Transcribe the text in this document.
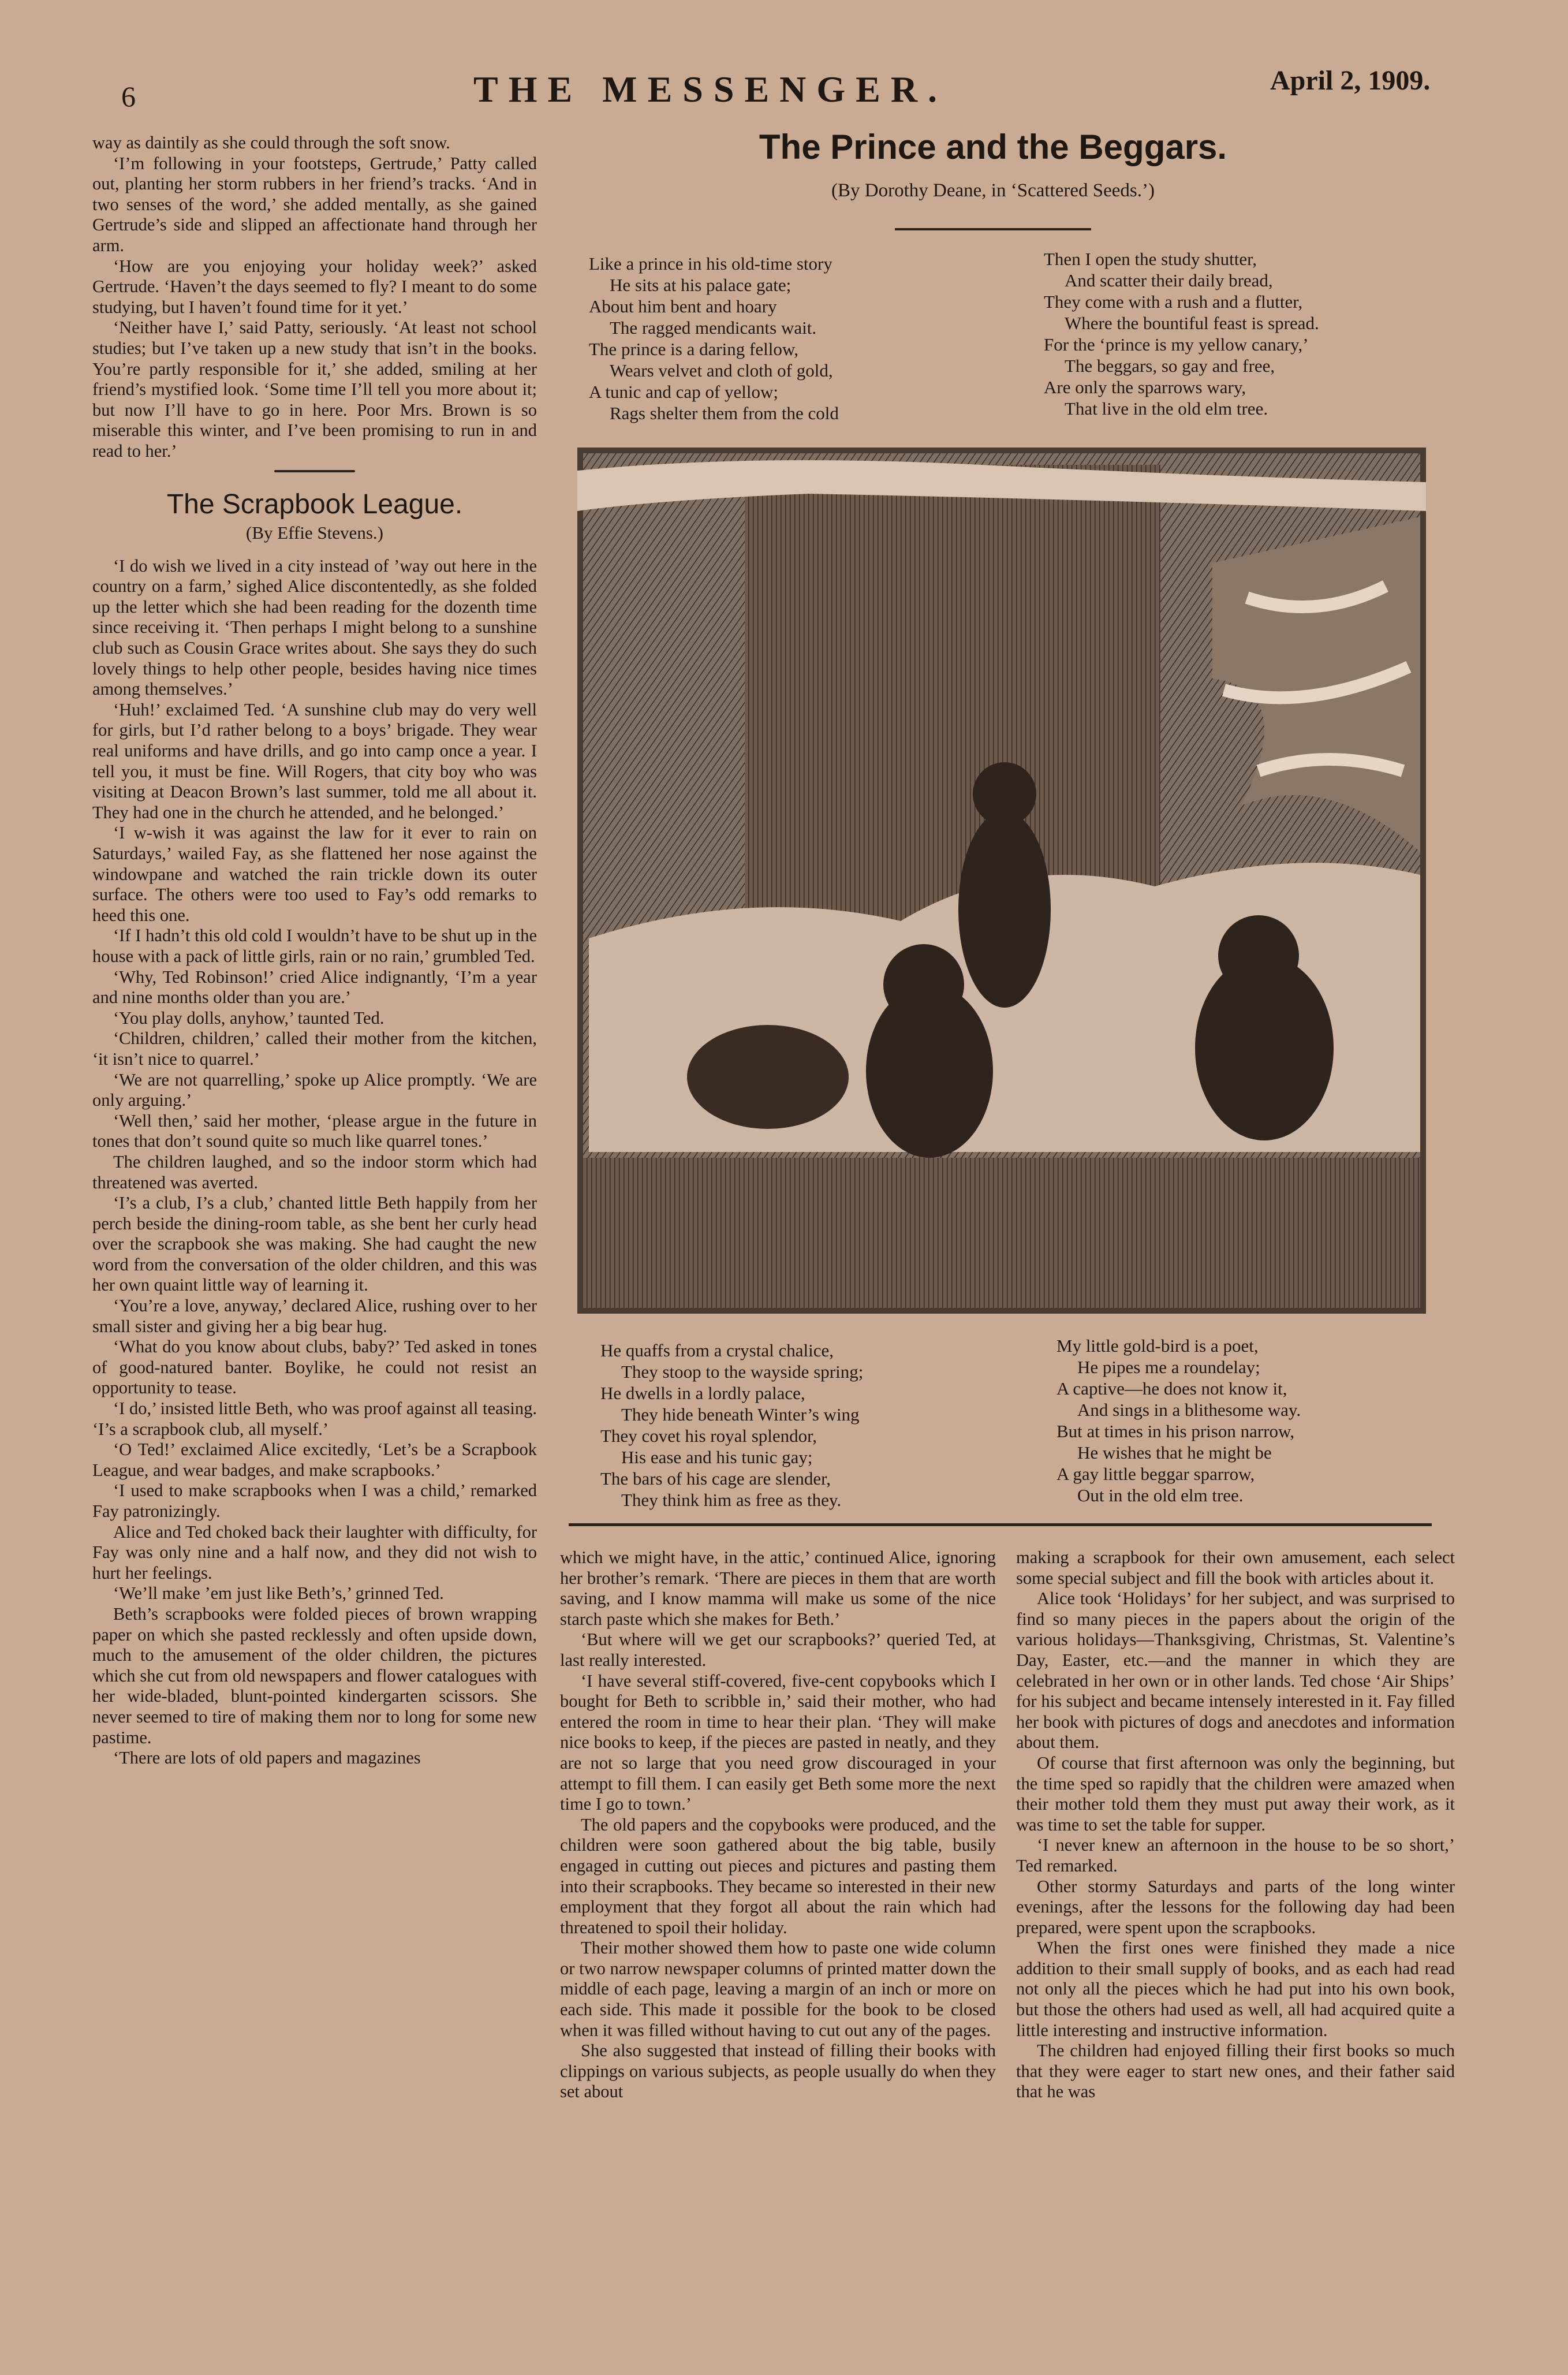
6	THE MESSENGER.	April 2, 1909.

way as daintily as she could through the soft snow.

‘I’m following in your footsteps, Gertrude,’ Patty called out, planting her storm rubbers in her friend’s tracks. ‘And in two senses of the word,’ she added mentally, as she gained Gertrude’s side and slipped an affectionate hand through her arm.

‘How are you enjoying your holiday week?’ asked Gertrude. ‘Haven’t the days seemed to fly? I meant to do some studying, but I haven’t found time for it yet.’

‘Neither have I,’ said Patty, seriously. ‘At least not school studies; but I’ve taken up a new study that isn’t in the books. You’re partly responsible for it,’ she added, smiling at her friend’s mystified look. ‘Some time I’ll tell you more about it; but now I’ll have to go in here. Poor Mrs. Brown is so miserable this winter, and I’ve been promising to run in and read to her.’

The Scrapbook League.
(By Effie Stevens.)

‘I do wish we lived in a city instead of ’way out here in the country on a farm,’ sighed Alice discontentedly, as she folded up the letter which she had been reading for the dozenth time since receiving it. ‘Then perhaps I might belong to a sunshine club such as Cousin Grace writes about. She says they do such lovely things to help other people, besides having nice times among themselves.’

‘Huh!’ exclaimed Ted. ‘A sunshine club may do very well for girls, but I’d rather belong to a boys’ brigade. They wear real uniforms and have drills, and go into camp once a year. I tell you, it must be fine. Will Rogers, that city boy who was visiting at Deacon Brown’s last summer, told me all about it. They had one in the church he attended, and he belonged.’

‘I w-wish it was against the law for it ever to rain on Saturdays,’ wailed Fay, as she flattened her nose against the windowpane and watched the rain trickle down its outer surface. The others were too used to Fay’s odd remarks to heed this one.

‘If I hadn’t this old cold I wouldn’t have to be shut up in the house with a pack of little girls, rain or no rain,’ grumbled Ted.

‘Why, Ted Robinson!’ cried Alice indignantly, ‘I’m a year and nine months older than you are.’

‘You play dolls, anyhow,’ taunted Ted.

‘Children, children,’ called their mother from the kitchen, ‘it isn’t nice to quarrel.’

‘We are not quarrelling,’ spoke up Alice promptly. ‘We are only arguing.’

‘Well then,’ said her mother, ‘please argue in the future in tones that don’t sound quite so much like quarrel tones.’

The children laughed, and so the indoor storm which had threatened was averted.

‘I’s a club, I’s a club,’ chanted little Beth happily from her perch beside the dining-room table, as she bent her curly head over the scrapbook she was making. She had caught the new word from the conversation of the older children, and this was her own quaint little way of learning it.

‘You’re a love, anyway,’ declared Alice, rushing over to her small sister and giving her a big bear hug.

‘What do you know about clubs, baby?’ Ted asked in tones of good-natured banter. Boylike, he could not resist an opportunity to tease.

‘I do,’ insisted little Beth, who was proof against all teasing. ‘I’s a scrapbook club, all myself.’

‘O Ted!’ exclaimed Alice excitedly, ‘Let’s be a Scrapbook League, and wear badges, and make scrapbooks.’

‘I used to make scrapbooks when I was a child,’ remarked Fay patronizingly.

Alice and Ted choked back their laughter with difficulty, for Fay was only nine and a half now, and they did not wish to hurt her feelings.

‘We’ll make ’em just like Beth’s,’ grinned Ted.

Beth’s scrapbooks were folded pieces of brown wrapping paper on which she pasted recklessly and often upside down, much to the amusement of the older children, the pictures which she cut from old newspapers and flower catalogues with her wide-bladed, blunt-pointed kindergarten scissors. She never seemed to tire of making them nor to long for some new pastime.

‘There are lots of old papers and magazines

The Prince and the Beggars.
(By Dorothy Deane, in ‘Scattered Seeds.’)
Like a prince in his old-time story
He sits at his palace gate;
About him bent and hoary
The ragged mendicants wait.
The prince is a daring fellow,
Wears velvet and cloth of gold,
A tunic and cap of yellow;
Rags shelter them from the cold
Then I open the study shutter,
And scatter their daily bread,
They come with a rush and a flutter,
Where the bountiful feast is spread.
For the ‘prince is my yellow canary,’
The beggars, so gay and free,
Are only the sparrows wary,
That live in the old elm tree.
He quaffs from a crystal chalice,
They stoop to the wayside spring;
He dwells in a lordly palace,
They hide beneath Winter’s wing
They covet his royal splendor,
His ease and his tunic gay;
The bars of his cage are slender,
They think him as free as they.
My little gold-bird is a poet,
He pipes me a roundelay;
A captive—he does not know it,
And sings in a blithesome way.
But at times in his prison narrow,
He wishes that he might be
A gay little beggar sparrow,
Out in the old elm tree.

which we might have, in the attic,’ continued Alice, ignoring her brother’s remark. ‘There are pieces in them that are worth saving, and I know mamma will make us some of the nice starch paste which she makes for Beth.’

‘But where will we get our scrapbooks?’ queried Ted, at last really interested.

‘I have several stiff-covered, five-cent copybooks which I bought for Beth to scribble in,’ said their mother, who had entered the room in time to hear their plan. ‘They will make nice books to keep, if the pieces are pasted in neatly, and they are not so large that you need grow discouraged in your attempt to fill them. I can easily get Beth some more the next time I go to town.’

The old papers and the copybooks were produced, and the children were soon gathered about the big table, busily engaged in cutting out pieces and pictures and pasting them into their scrapbooks. They became so interested in their new employment that they forgot all about the rain which had threatened to spoil their holiday.

Their mother showed them how to paste one wide column or two narrow newspaper columns of printed matter down the middle of each page, leaving a margin of an inch or more on each side. This made it possible for the book to be closed when it was filled without having to cut out any of the pages.

She also suggested that instead of filling their books with clippings on various subjects, as people usually do when they set about

making a scrapbook for their own amusement, each select some special subject and fill the book with articles about it.

Alice took ‘Holidays’ for her subject, and was surprised to find so many pieces in the papers about the origin of the various holidays—Thanksgiving, Christmas, St. Valentine’s Day, Easter, etc.—and the manner in which they are celebrated in her own or in other lands. Ted chose ‘Air Ships’ for his subject and became intensely interested in it. Fay filled her book with pictures of dogs and anecdotes and information about them.

Of course that first afternoon was only the beginning, but the time sped so rapidly that the children were amazed when their mother told them they must put away their work, as it was time to set the table for supper.

‘I never knew an afternoon in the house to be so short,’ Ted remarked.

Other stormy Saturdays and parts of the long winter evenings, after the lessons for the following day had been prepared, were spent upon the scrapbooks.

When the first ones were finished they made a nice addition to their small supply of books, and as each had read not only all the pieces which he had put into his own book, but those the others had used as well, all had acquired quite a little interesting and instructive information.

The children had enjoyed filling their first books so much that they were eager to start new ones, and their father said that he was
